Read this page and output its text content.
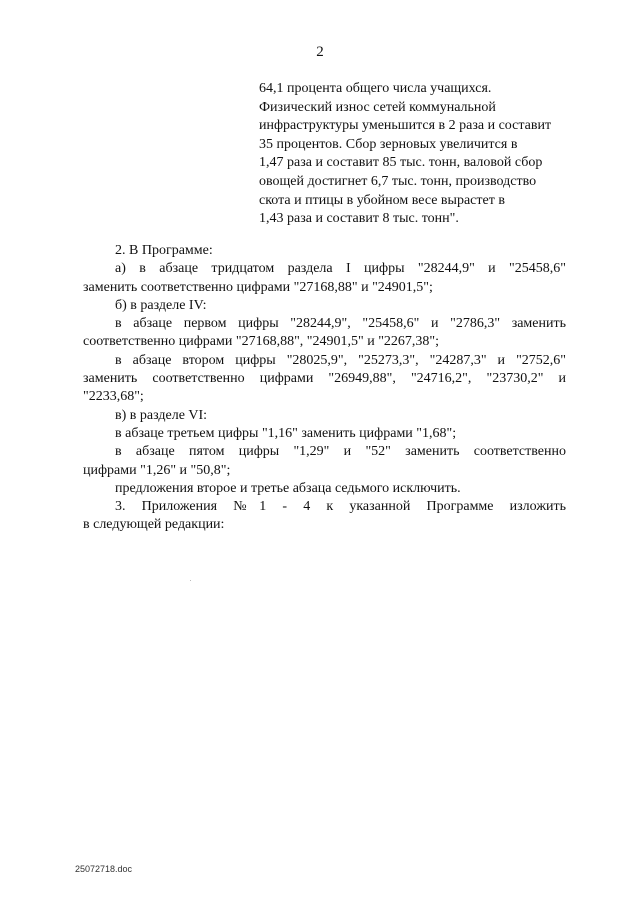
2
64,1 процента общего числа учащихся.
Физический износ сетей коммунальной
инфраструктуры уменьшится в 2 раза и составит
35 процентов. Сбор зерновых увеличится в
1,47 раза и составит 85 тыс. тонн, валовой сбор
овощей достигнет 6,7 тыс. тонн, производство
скота и птицы в убойном весе вырастет в
1,43 раза и составит 8 тыс. тонн".
2. В Программе:
а) в абзаце тридцатом раздела I цифры "28244,9" и "25458,6"
заменить соответственно цифрами "27168,88" и "24901,5";
б) в разделе IV:
в абзаце первом цифры "28244,9", "25458,6" и "2786,3" заменить
соответственно цифрами "27168,88", "24901,5" и "2267,38";
в абзаце втором цифры "28025,9", "25273,3", "24287,3" и "2752,6"
заменить соответственно цифрами "26949,88", "24716,2", "23730,2" и
"2233,68";
в) в разделе VI:
в абзаце третьем цифры "1,16" заменить цифрами "1,68";
в абзаце пятом цифры "1,29" и "52" заменить соответственно
цифрами "1,26" и "50,8";
предложения второе и третье абзаца седьмого исключить.
3. Приложения №1 - 4 к указанной Программе изложить
в следующей редакции:
25072718.doc
